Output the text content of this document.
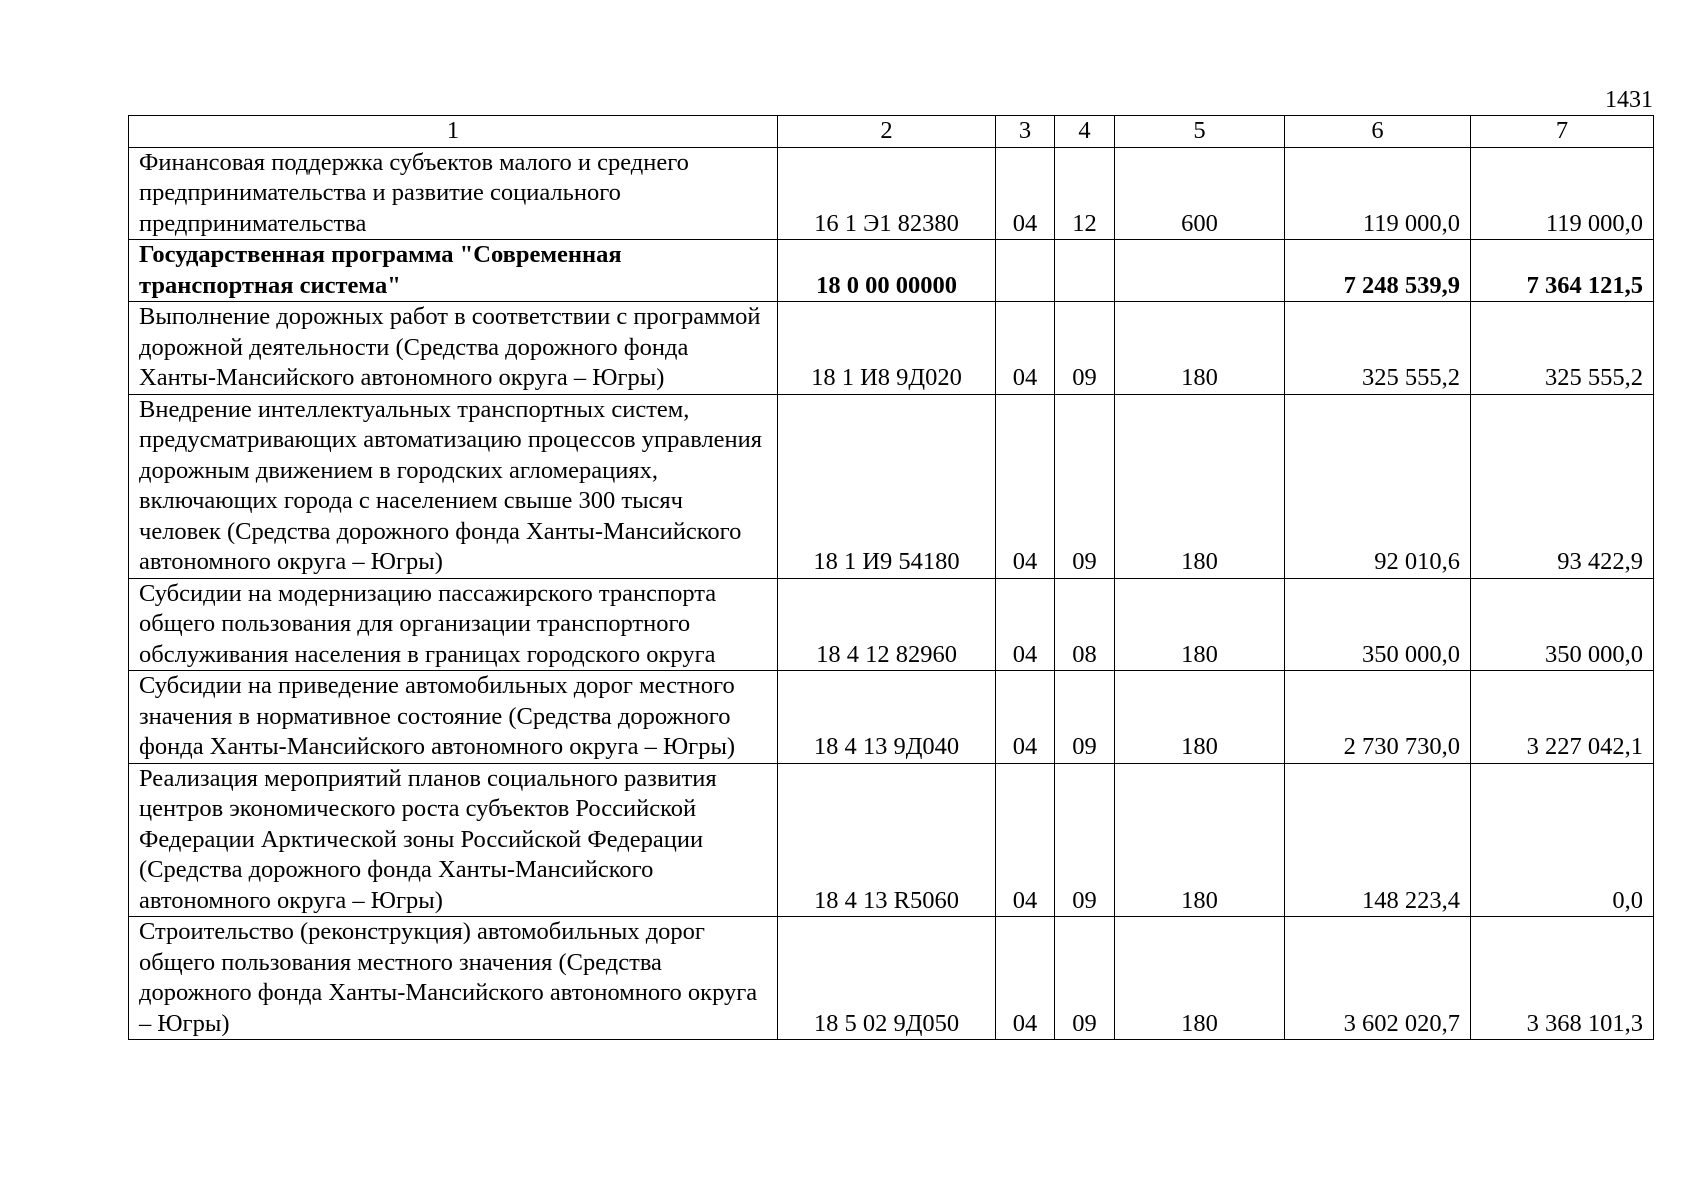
1431
1	2	3	4	5	6	7
Финансовая поддержка субъектов малого и среднего предпринимательства и развитие социального предпринимательства	16 1 Э1 82380	04	12	600	119 000,0	119 000,0
Государственная программа "Современная транспортная система"	18 0 00 00000				7 248 539,9	7 364 121,5
Выполнение дорожных работ в соответствии с программой дорожной деятельности (Средства дорожного фонда Ханты-Мансийского автономного округа – Югры)	18 1 И8 9Д020	04	09	180	325 555,2	325 555,2
Внедрение интеллектуальных транспортных систем, предусматривающих автоматизацию процессов управления дорожным движением в городских агломерациях, включающих города с населением свыше 300 тысяч человек (Средства дорожного фонда Ханты-Мансийского автономного округа – Югры)	18 1 И9 54180	04	09	180	92 010,6	93 422,9
Субсидии на модернизацию пассажирского транспорта общего пользования для организации транспортного обслуживания населения в границах городского округа	18 4 12 82960	04	08	180	350 000,0	350 000,0
Субсидии на приведение автомобильных дорог местного значения в нормативное состояние (Средства дорожного фонда Ханты-Мансийского автономного округа – Югры)	18 4 13 9Д040	04	09	180	2 730 730,0	3 227 042,1
Реализация мероприятий планов социального развития центров экономического роста субъектов Российской Федерации Арктической зоны Российской Федерации (Средства дорожного фонда Ханты-Мансийского автономного округа – Югры)	18 4 13 R5060	04	09	180	148 223,4	0,0
Строительство (реконструкция) автомобильных дорог общего пользования местного значения (Средства дорожного фонда Ханты-Мансийского автономного округа – Югры)	18 5 02 9Д050	04	09	180	3 602 020,7	3 368 101,3
